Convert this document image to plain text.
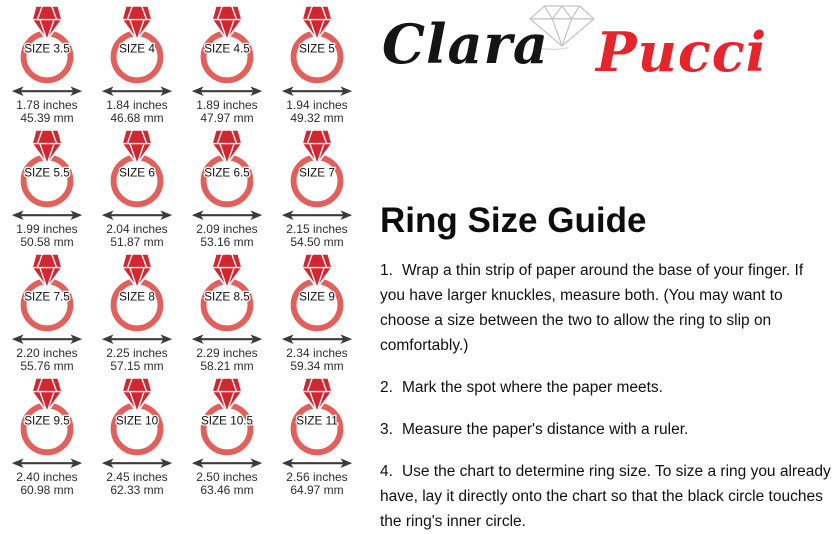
SIZE 3.5
1.78 inches
45.39 mm
SIZE 4
1.84 inches
46.68 mm
SIZE 4.5
1.89 inches
47.97 mm
SIZE 5
1.94 inches
49.32 mm
SIZE 5.5
1.99 inches
50.58 mm
SIZE 6
2.04 inches
51.87 mm
SIZE 6.5
2.09 inches
53.16 mm
SIZE 7
2.15 inches
54.50 mm
SIZE 7.5
2.20 inches
55.76 mm
SIZE 8
2.25 inches
57.15 mm
SIZE 8.5
2.29 inches
58.21 mm
SIZE 9
2.34 inches
59.34 mm
SIZE 9.5
2.40 inches
60.98 mm
SIZE 10
2.45 inches
62.33 mm
SIZE 10.5
2.50 inches
63.46 mm
SIZE 11
2.56 inches
64.97 mm
Clara Pucci
Ring Size Guide

1. Wrap a thin strip of paper around the base of your finger. If you have larger knuckles, measure both. (You may want to choose a size between the two to allow the ring to slip on comfortably.)

2. Mark the spot where the paper meets.

3. Measure the paper's distance with a ruler.

4. Use the chart to determine ring size. To size a ring you already have, lay it directly onto the chart so that the black circle touches the ring's inner circle.
